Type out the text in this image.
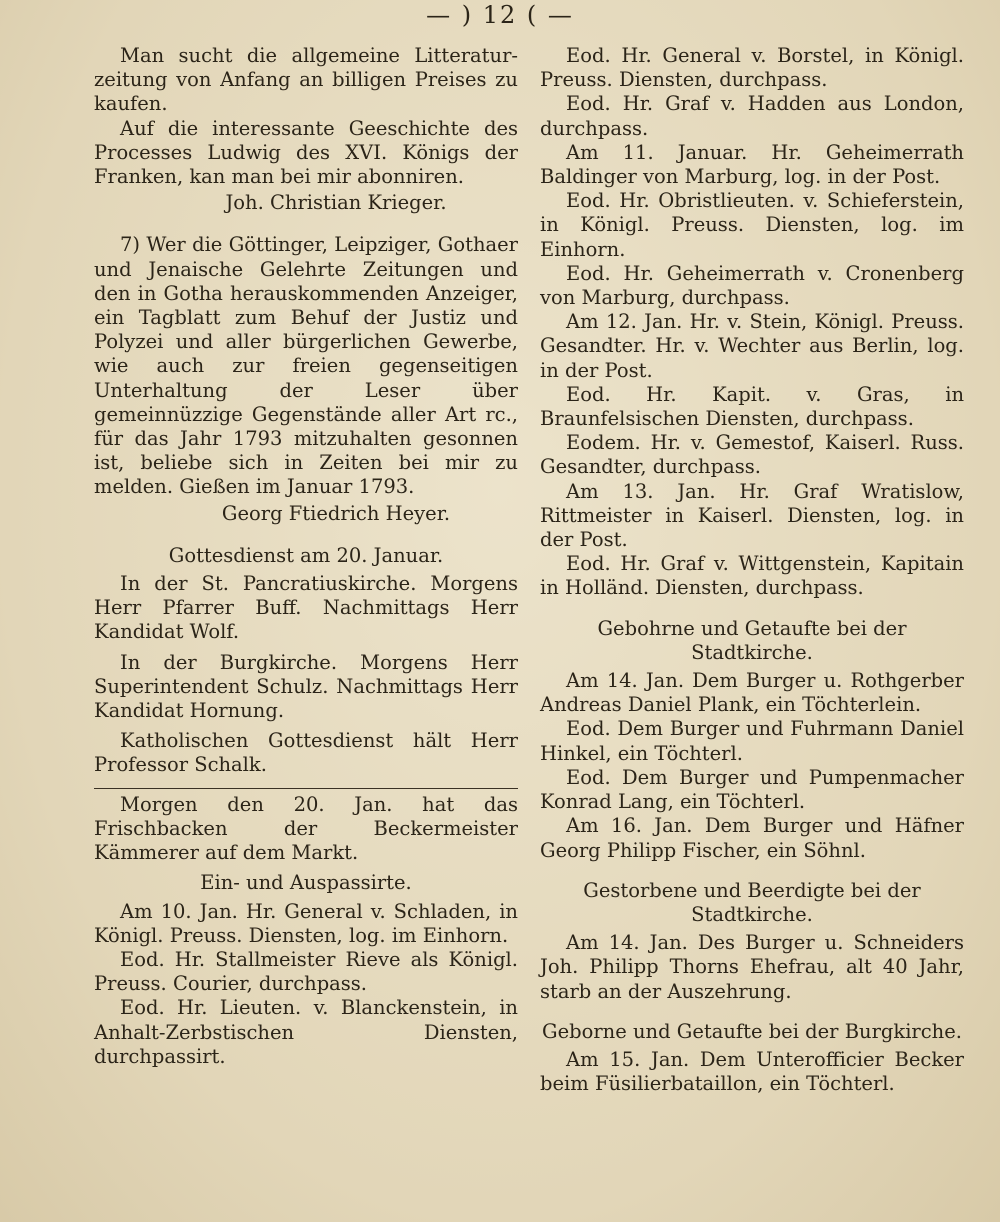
— ) 12 ( —

Man sucht die allgemeine Litteratur-zeitung von Anfang an billigen Preises zu kaufen.

Auf die interessante Geeschichte des Processes Ludwig des XVI. Königs der Franken, kan man bei mir abonniren.

Joh. Christian Krieger.

7) Wer die Göttinger, Leipziger, Gothaer und Jenaische Gelehrte Zeitungen und den in Gotha herauskommenden Anzeiger, ein Tagblatt zum Behuf der Justiz und Polyzei und aller bürgerlichen Gewerbe, wie auch zur freien gegenseitigen Unterhaltung der Leser über gemeinnüzzige Gegenstände aller Art rc., für das Jahr 1793 mitzuhalten gesonnen ist, beliebe sich in Zeiten bei mir zu melden. Gießen im Januar 1793.

Georg Ftiedrich Heyer.
Gottesdienst am 20. Januar.

In der St. Pancratiuskirche. Morgens Herr Pfarrer Buff. Nachmittags Herr Kandidat Wolf.

In der Burgkirche. Morgens Herr Superintendent Schulz. Nachmittags Herr Kandidat Hornung.

Katholischen Gottesdienst hält Herr Professor Schalk.

Morgen den 20. Jan. hat das Frischbacken der Beckermeister Kämmerer auf dem Markt.

Ein- und Auspassirte.

Am 10. Jan. Hr. General v. Schladen, in Königl. Preuss. Diensten, log. im Einhorn.

Eod. Hr. Stallmeister Rieve als Königl. Preuss. Courier, durchpass.

Eod. Hr. Lieuten. v. Blanckenstein, in Anhalt-Zerbstischen Diensten, durchpassirt.

Eod. Hr. General v. Borstel, in Königl. Preuss. Diensten, durchpass.

Eod. Hr. Graf v. Hadden aus London, durchpass.

Am 11. Januar. Hr. Geheimerrath Baldinger von Marburg, log. in der Post.

Eod. Hr. Obristlieuten. v. Schieferstein, in Königl. Preuss. Diensten, log. im Einhorn.

Eod. Hr. Geheimerrath v. Cronenberg von Marburg, durchpass.

Am 12. Jan. Hr. v. Stein, Königl. Preuss. Gesandter. Hr. v. Wechter aus Berlin, log. in der Post.

Eod. Hr. Kapit. v. Gras, in Braunfelsischen Diensten, durchpass.

Eodem. Hr. v. Gemestof, Kaiserl. Russ. Gesandter, durchpass.

Am 13. Jan. Hr. Graf Wratislow, Rittmeister in Kaiserl. Diensten, log. in der Post.

Eod. Hr. Graf v. Wittgenstein, Kapitain in Holländ. Diensten, durchpass.

Gebohrne und Getaufte bei der Stadtkirche.

Am 14. Jan. Dem Burger u. Rothgerber Andreas Daniel Plank, ein Töchterlein.

Eod. Dem Burger und Fuhrmann Daniel Hinkel, ein Töchterl.

Eod. Dem Burger und Pumpenmacher Konrad Lang, ein Töchterl.

Am 16. Jan. Dem Burger und Häfner Georg Philipp Fischer, ein Söhnl.

Gestorbene und Beerdigte bei der Stadtkirche.

Am 14. Jan. Des Burger u. Schneiders Joh. Philipp Thorns Ehefrau, alt 40 Jahr, starb an der Auszehrung.

Geborne und Getaufte bei der Burgkirche.

Am 15. Jan. Dem Unterofficier Becker beim Füsilierbataillon, ein Töchterl.
